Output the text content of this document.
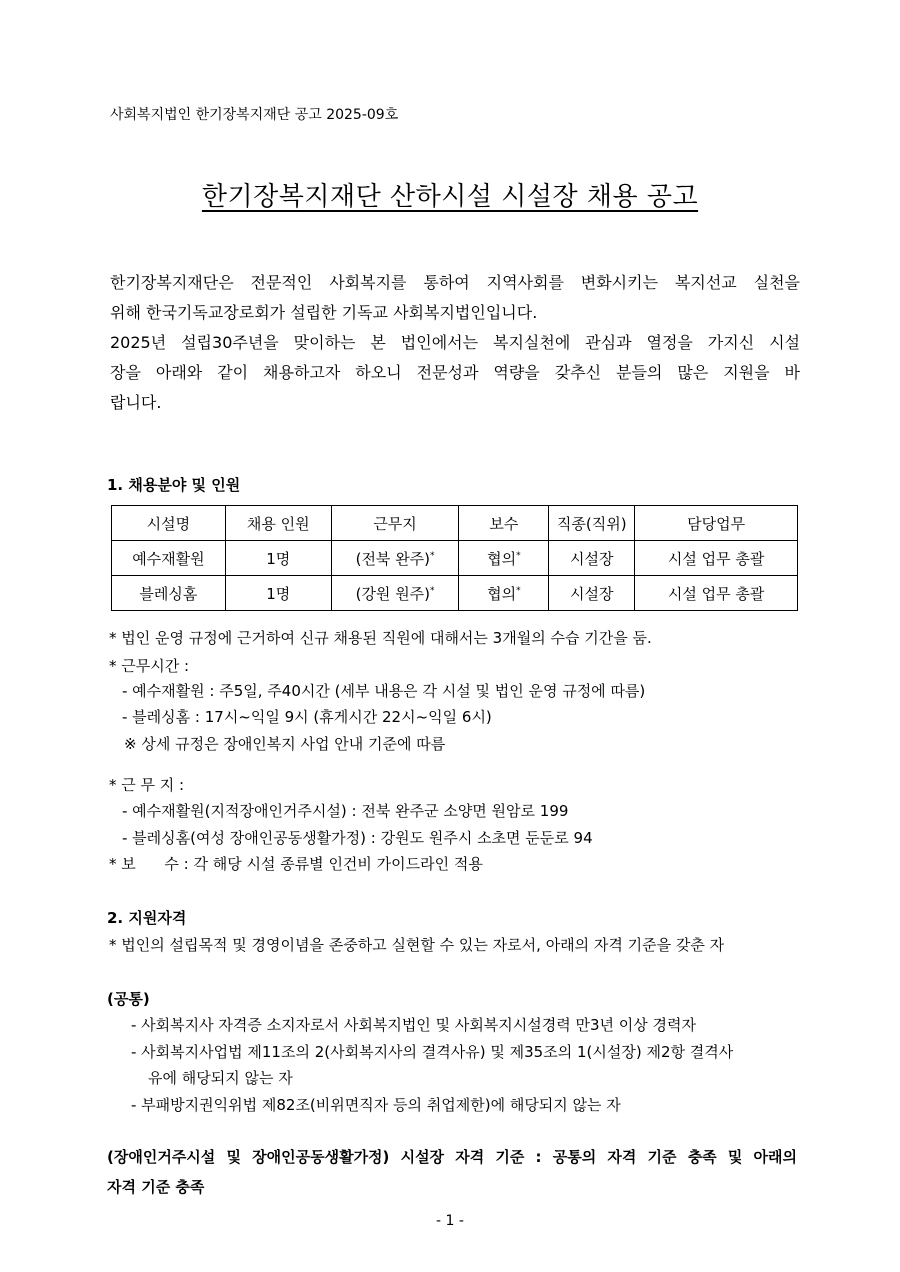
사회복지법인 한기장복지재단 공고 2025-09호
한기장복지재단 산하시설 시설장 채용 공고

한기장복지재단은 전문적인 사회복지를 통하여 지역사회를 변화시키는 복지선교 실천을

위해 한국기독교장로회가 설립한 기독교 사회복지법인입니다.

2025년 설립30주년을 맞이하는 본 법인에서는 복지실천에 관심과 열정을 가지신 시설

장을 아래와 같이 채용하고자 하오니 전문성과 역량을 갖추신 분들의 많은 지원을 바

랍니다.

1. 채용분야 및 인원
시설명	채용 인원	근무지	보수	직종(직위)	담당업무
예수재활원	1명	(전북 완주)*	협의*	시설장	시설 업무 총괄
블레싱홈	1명	(강원 원주)*	협의*	시설장	시설 업무 총괄
* 법인 운영 규정에 근거하여 신규 채용된 직원에 대해서는 3개월의 수습 기간을 둠.
* 근무시간 :
- 예수재활원 : 주5일, 주40시간 (세부 내용은 각 시설 및 법인 운영 규정에 따름)
- 블레싱홈 : 17시~익일 9시 (휴게시간 22시~익일 6시)
※ 상세 규정은 장애인복지 사업 안내 기준에 따름
* 근 무 지 :
- 예수재활원(지적장애인거주시설) : 전북 완주군 소양면 원암로 199
- 블레싱홈(여성 장애인공동생활가정) : 강원도 원주시 소초면 둔둔로 94
* 보      수 : 각 해당 시설 종류별 인건비 가이드라인 적용
2. 지원자격
* 법인의 설립목적 및 경영이념을 존중하고 실현할 수 있는 자로서, 아래의 자격 기준을 갖춘 자
(공통)
- 사회복지사 자격증 소지자로서 사회복지법인 및 사회복지시설경력 만3년 이상 경력자
- 사회복지사업법 제11조의 2(사회복지사의 결격사유) 및 제35조의 1(시설장) 제2항 결격사
유에 해당되지 않는 자
- 부패방지권익위법 제82조(비위면직자 등의 취업제한)에 해당되지 않는 자
(장애인거주시설 및 장애인공동생활가정) 시설장 자격 기준 : 공통의 자격 기준 충족 및 아래의
자격 기준 충족
- 1 -
